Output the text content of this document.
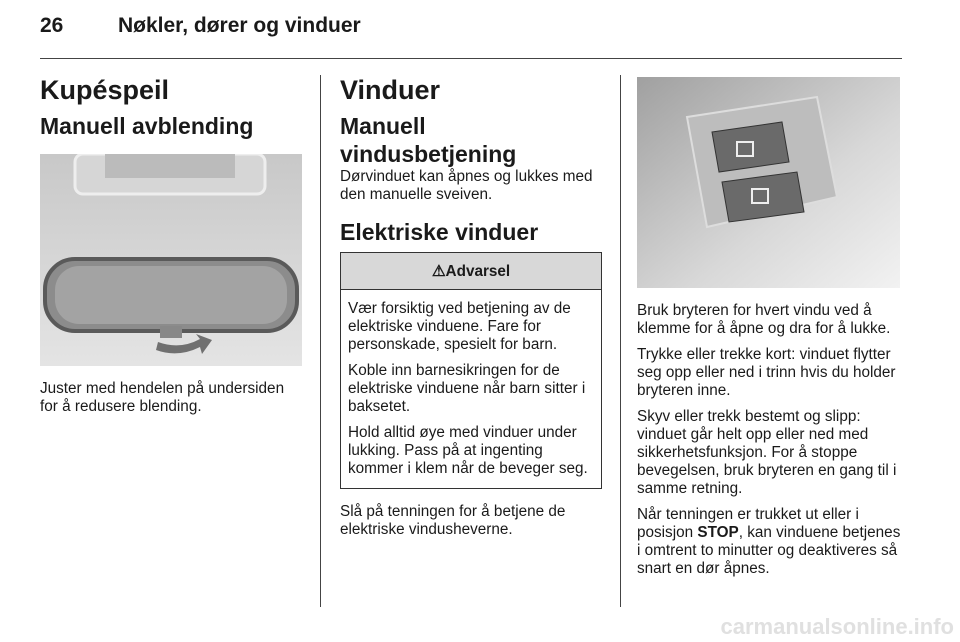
26	Nøkler, dører og vinduer
Kupéspeil
Manuell avblending

Juster med hendelen på undersiden for å redusere blending.

Vinduer
Manuell vindusbetjening

Dørvinduet kan åpnes og lukkes med den manuelle sveiven.

Elektriske vinduer
⚠Advarsel

Vær forsiktig ved betjening av de elektriske vinduene. Fare for personskade, spesielt for barn.

Koble inn barnesikringen for de elektriske vinduene når barn sitter i baksetet.

Hold alltid øye med vinduer under lukking. Pass på at ingenting kommer i klem når de beveger seg.

Slå på tenningen for å betjene de elektriske vindusheverne.

Bruk bryteren for hvert vindu ved å klemme for å åpne og dra for å lukke.

Trykke eller trekke kort: vinduet flytter seg opp eller ned i trinn hvis du holder bryteren inne.

Skyv eller trekk bestemt og slipp: vinduet går helt opp eller ned med sikkerhetsfunksjon. For å stoppe bevegelsen, bruk bryteren en gang til i samme retning.

Når tenningen er trukket ut eller i posisjon STOP, kan vinduene betjenes i omtrent to minutter og deaktiveres så snart en dør åpnes.

carmanualsonline.info
